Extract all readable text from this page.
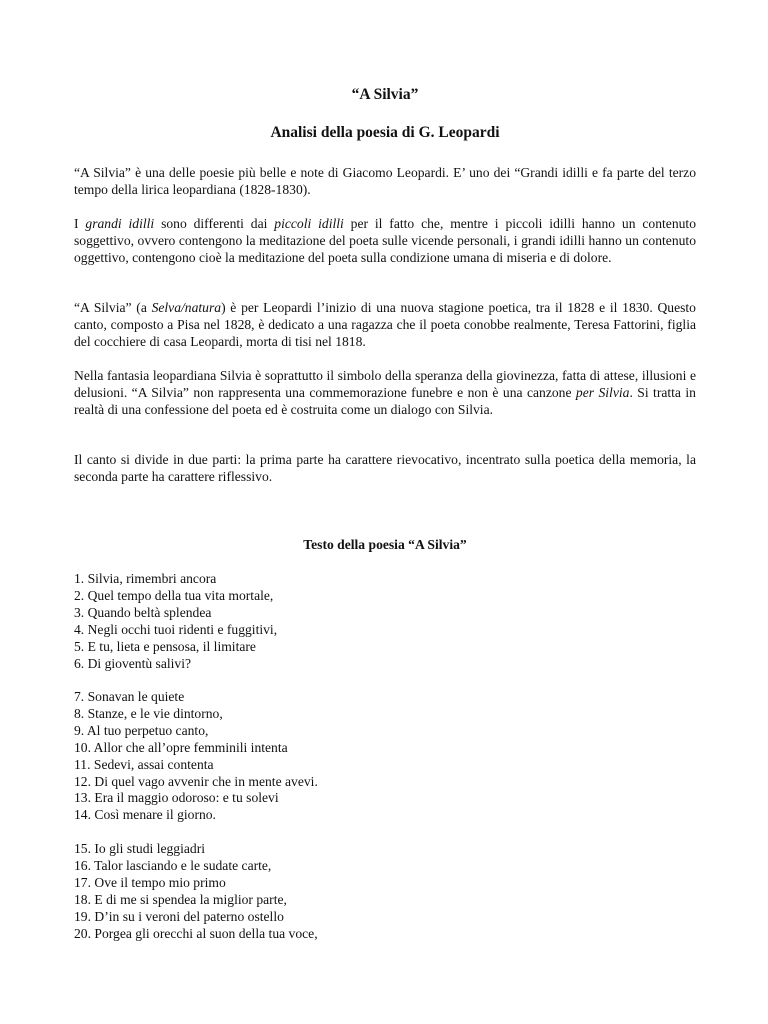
“A Silvia”
Analisi della poesia di G. Leopardi

“A Silvia” è una delle poesie più belle e note di Giacomo Leopardi. E’ uno dei “Grandi idilli e fa parte del terzo tempo della lirica leopardiana (1828-1830).

I grandi idilli sono differenti dai piccoli idilli per il fatto che, mentre i piccoli idilli hanno un contenuto soggettivo, ovvero contengono la meditazione del poeta sulle vicende personali, i grandi idilli hanno un contenuto oggettivo, contengono cioè la meditazione del poeta sulla condizione umana di miseria e di dolore.

“A Silvia” (a Selva/natura) è per Leopardi l’inizio di una nuova stagione poetica, tra il 1828 e il 1830. Questo canto, composto a Pisa nel 1828, è dedicato a una ragazza che il poeta conobbe realmente, Teresa Fattorini, figlia del cocchiere di casa Leopardi, morta di tisi nel 1818.

Nella fantasia leopardiana Silvia è soprattutto il simbolo della speranza della giovinezza, fatta di attese, illusioni e delusioni. “A Silvia” non rappresenta una commemorazione funebre e non è una canzone per Silvia. Si tratta in realtà di una confessione del poeta ed è costruita come un dialogo con Silvia.

Il canto si divide in due parti: la prima parte ha carattere rievocativo, incentrato sulla poetica della memoria, la seconda parte ha carattere riflessivo.

Testo della poesia “A Silvia”
1. Silvia, rimembri ancora
2. Quel tempo della tua vita mortale,
3. Quando beltà splendea
4. Negli occhi tuoi ridenti e fuggitivi,
5. E tu, lieta e pensosa, il limitare
6. Di gioventù salivi?
7. Sonavan le quiete
8. Stanze, e le vie dintorno,
9. Al tuo perpetuo canto,
10. Allor che all’opre femminili intenta
11. Sedevi, assai contenta
12. Di quel vago avvenir che in mente avevi.
13. Era il maggio odoroso: e tu solevi
14. Così menare il giorno.
15. Io gli studi leggiadri
16. Talor lasciando e le sudate carte,
17. Ove il tempo mio primo
18. E di me si spendea la miglior parte,
19. D’in su i veroni del paterno ostello
20. Porgea gli orecchi al suon della tua voce,
